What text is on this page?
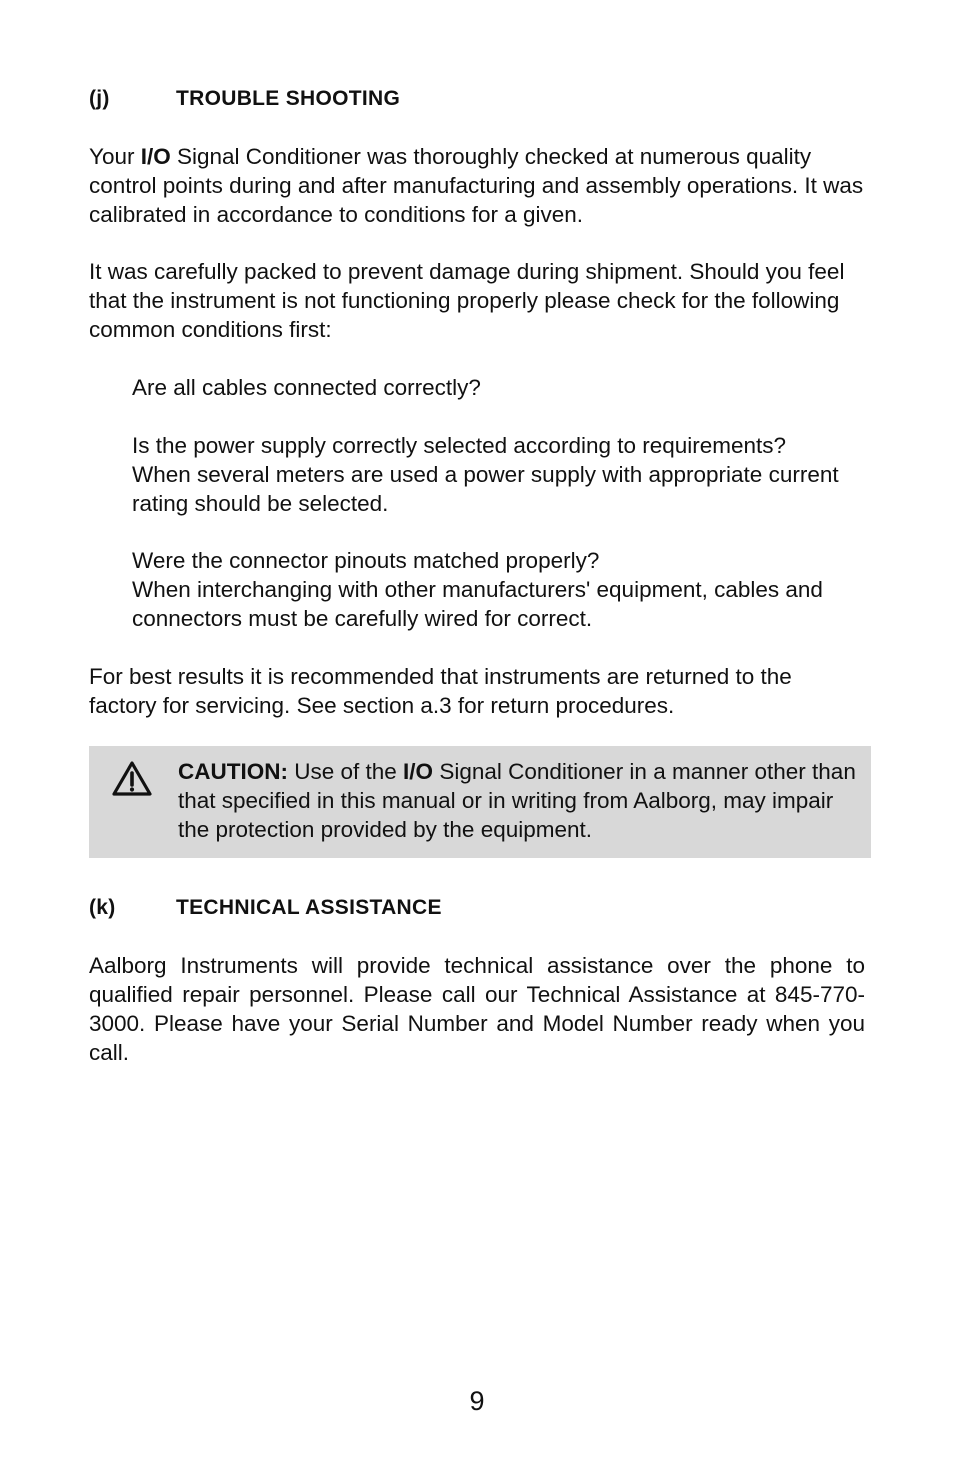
(j)	TROUBLE SHOOTING

Your I/O Signal Conditioner was thoroughly checked at numerous quality control points during and after manufacturing and assembly operations. It was calibrated in accordance to conditions for a given.

It was carefully packed to prevent damage during shipment. Should you feel that the instrument is not functioning properly please check for the following common conditions first:

Are all cables connected correctly?

Is the power supply correctly selected according to requirements?
When several meters are used a power supply with appropriate current rating should be selected.
Were the connector pinouts matched properly?
When interchanging with other manufacturers' equipment, cables and connectors must be carefully wired for correct.

For best results it is recommended that instruments are returned to the factory for servicing. See section a.3 for return procedures.

CAUTION: Use of the I/O Signal Conditioner in a manner other than that specified in this manual or in writing from Aalborg, may impair the protection provided by the equipment.

(k)	TECHNICAL ASSISTANCE

Aalborg Instruments will provide technical assistance over the phone to qualified repair personnel. Please call our Technical Assistance at 845-770-3000. Please have your Serial Number and Model Number ready when you call.

9
